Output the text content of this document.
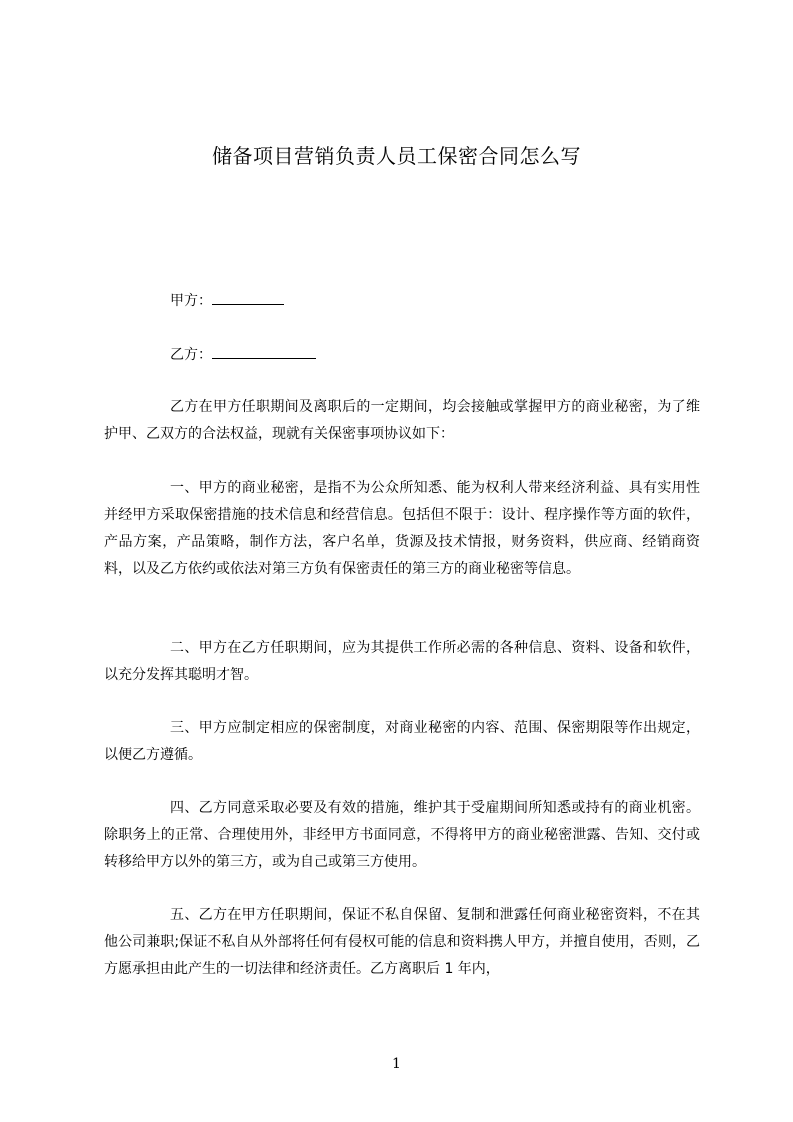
储备项目营销负责人员工保密合同怎么写
甲方：
乙方：

乙方在甲方任职期间及离职后的一定期间，均会接触或掌握甲方的商业秘密，为了维护甲、乙双方的合法权益，现就有关保密事项协议如下：

一、甲方的商业秘密，是指不为公众所知悉、能为权利人带来经济利益、具有实用性并经甲方采取保密措施的技术信息和经营信息。包括但不限于：设计、程序操作等方面的软件，产品方案，产品策略，制作方法，客户名单，货源及技术情报，财务资料，供应商、经销商资料，以及乙方依约或依法对第三方负有保密责任的第三方的商业秘密等信息。

二、甲方在乙方任职期间，应为其提供工作所必需的各种信息、资料、设备和软件，以充分发挥其聪明才智。

三、甲方应制定相应的保密制度，对商业秘密的内容、范围、保密期限等作出规定，以便乙方遵循。

四、乙方同意采取必要及有效的措施，维护其于受雇期间所知悉或持有的商业机密。除职务上的正常、合理使用外，非经甲方书面同意，不得将甲方的商业秘密泄露、告知、交付或转移给甲方以外的第三方，或为自己或第三方使用。

五、乙方在甲方任职期间，保证不私自保留、复制和泄露任何商业秘密资料，不在其他公司兼职;保证不私自从外部将任何有侵权可能的信息和资料携人甲方，并擅自使用，否则，乙方愿承担由此产生的一切法律和经济责任。乙方离职后 1 年内，

1
